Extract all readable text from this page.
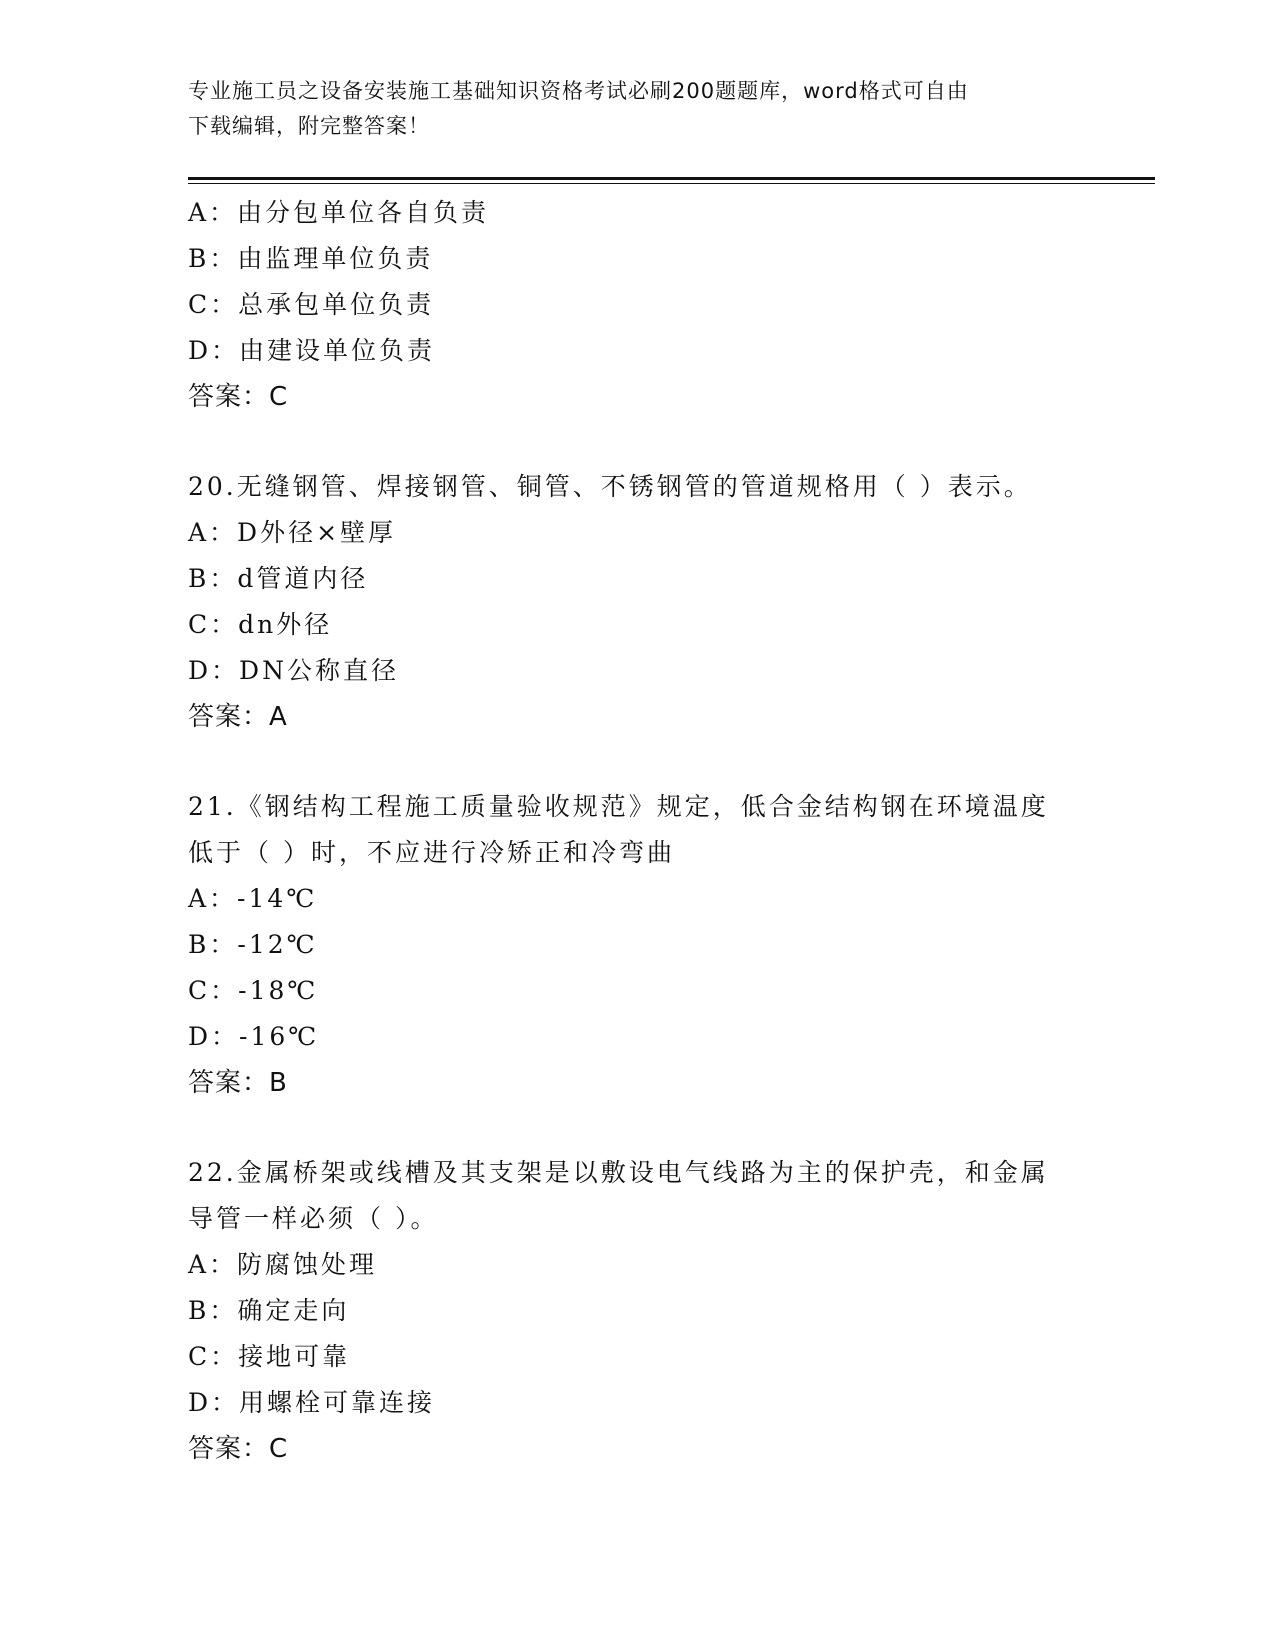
专业施工员之设备安装施工基础知识资格考试必刷200题题库，word格式可自由
下载编辑，附完整答案！
A：由分包单位各自负责
B：由监理单位负责
C：总承包单位负责
D：由建设单位负责
答案：C
20.无缝钢管、焊接钢管、铜管、不锈钢管的管道规格用（ ）表示。
A：D外径×壁厚
B：d管道内径
C：dn外径
D：DN公称直径
答案：A
21.《钢结构工程施工质量验收规范》规定，低合金结构钢在环境温度
低于（ ）时，不应进行冷矫正和冷弯曲
A：-14℃
B：-12℃
C：-18℃
D：-16℃
答案：B
22.金属桥架或线槽及其支架是以敷设电气线路为主的保护壳，和金属
导管一样必须（ ）。
A：防腐蚀处理
B：确定走向
C：接地可靠
D：用螺栓可靠连接
答案：C
